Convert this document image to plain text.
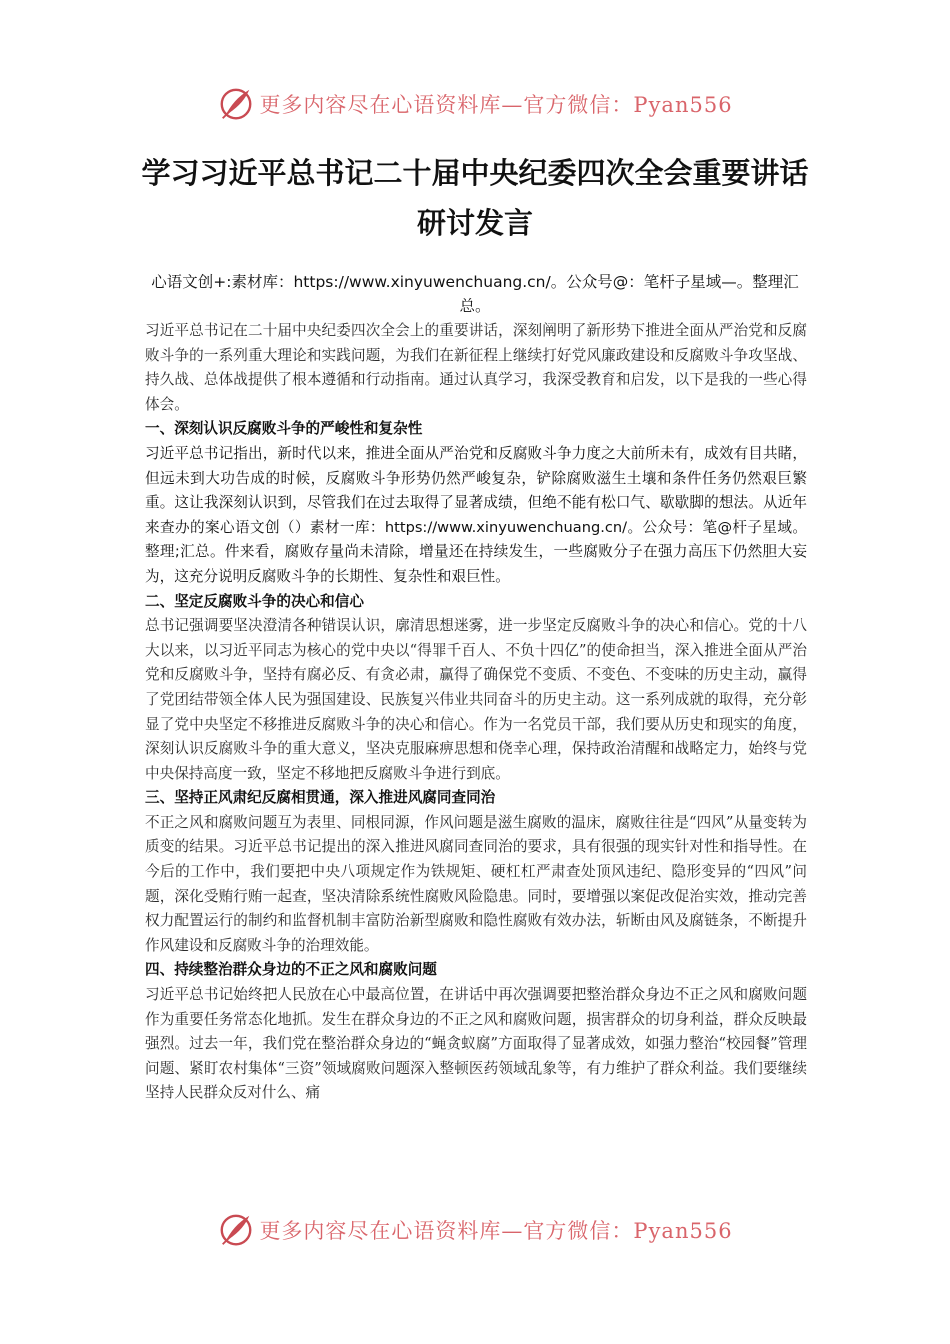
更多内容尽在心语资料库—官方微信：Pyan556
学习习近平总书记二十届中央纪委四次全会重要讲话
研讨发言
心语文创+:素材库：https://www.xinyuwenchuang.cn/。公众号@：笔杆子星域—。整理汇总。

习近平总书记在二十届中央纪委四次全会上的重要讲话，深刻阐明了新形势下推进全面从严治党和反腐败斗争的一系列重大理论和实践问题，为我们在新征程上继续打好党风廉政建设和反腐败斗争攻坚战、持久战、总体战提供了根本遵循和行动指南。通过认真学习，我深受教育和启发，以下是我的一些心得体会。

一、深刻认识反腐败斗争的严峻性和复杂性

习近平总书记指出，新时代以来，推进全面从严治党和反腐败斗争力度之大前所未有，成效有目共睹，但远未到大功告成的时候，反腐败斗争形势仍然严峻复杂，铲除腐败滋生土壤和条件任务仍然艰巨繁重。这让我深刻认识到，尽管我们在过去取得了显著成绩，但绝不能有松口气、歇歇脚的想法。从近年来查办的案心语文创（）素材一库：https://www.xinyuwenchuang.cn/。公众号：笔@杆子星域。整理;汇总。件来看，腐败存量尚未清除，增量还在持续发生，一些腐败分子在强力高压下仍然胆大妄为，这充分说明反腐败斗争的长期性、复杂性和艰巨性。

二、坚定反腐败斗争的决心和信心

总书记强调要坚决澄清各种错误认识，廓清思想迷雾，进一步坚定反腐败斗争的决心和信心。党的十八大以来，以习近平同志为核心的党中央以“得罪千百人、不负十四亿”的使命担当，深入推进全面从严治党和反腐败斗争，坚持有腐必反、有贪必肃，赢得了确保党不变质、不变色、不变味的历史主动，赢得了党团结带领全体人民为强国建设、民族复兴伟业共同奋斗的历史主动。这一系列成就的取得，充分彰显了党中央坚定不移推进反腐败斗争的决心和信心。作为一名党员干部，我们要从历史和现实的角度，深刻认识反腐败斗争的重大意义，坚决克服麻痹思想和侥幸心理，保持政治清醒和战略定力，始终与党中央保持高度一致，坚定不移地把反腐败斗争进行到底。

三、坚持正风肃纪反腐相贯通，深入推进风腐同查同治

不正之风和腐败问题互为表里、同根同源，作风问题是滋生腐败的温床，腐败往往是“四风”从量变转为质变的结果。习近平总书记提出的深入推进风腐同查同治的要求，具有很强的现实针对性和指导性。在今后的工作中，我们要把中央八项规定作为铁规矩、硬杠杠严肃查处顶风违纪、隐形变异的“四风”问题，深化受贿行贿一起查，坚决清除系统性腐败风险隐患。同时，要增强以案促改促治实效，推动完善权力配置运行的制约和监督机制丰富防治新型腐败和隐性腐败有效办法，斩断由风及腐链条，不断提升作风建设和反腐败斗争的治理效能。

四、持续整治群众身边的不正之风和腐败问题

习近平总书记始终把人民放在心中最高位置，在讲话中再次强调要把整治群众身边不正之风和腐败问题作为重要任务常态化地抓。发生在群众身边的不正之风和腐败问题，损害群众的切身利益，群众反映最强烈。过去一年，我们党在整治群众身边的“蝇贪蚁腐”方面取得了显著成效，如强力整治“校园餐”管理问题、紧盯农村集体“三资”领域腐败问题深入整顿医药领域乱象等，有力维护了群众利益。我们要继续坚持人民群众反对什么、痛

更多内容尽在心语资料库—官方微信：Pyan556
